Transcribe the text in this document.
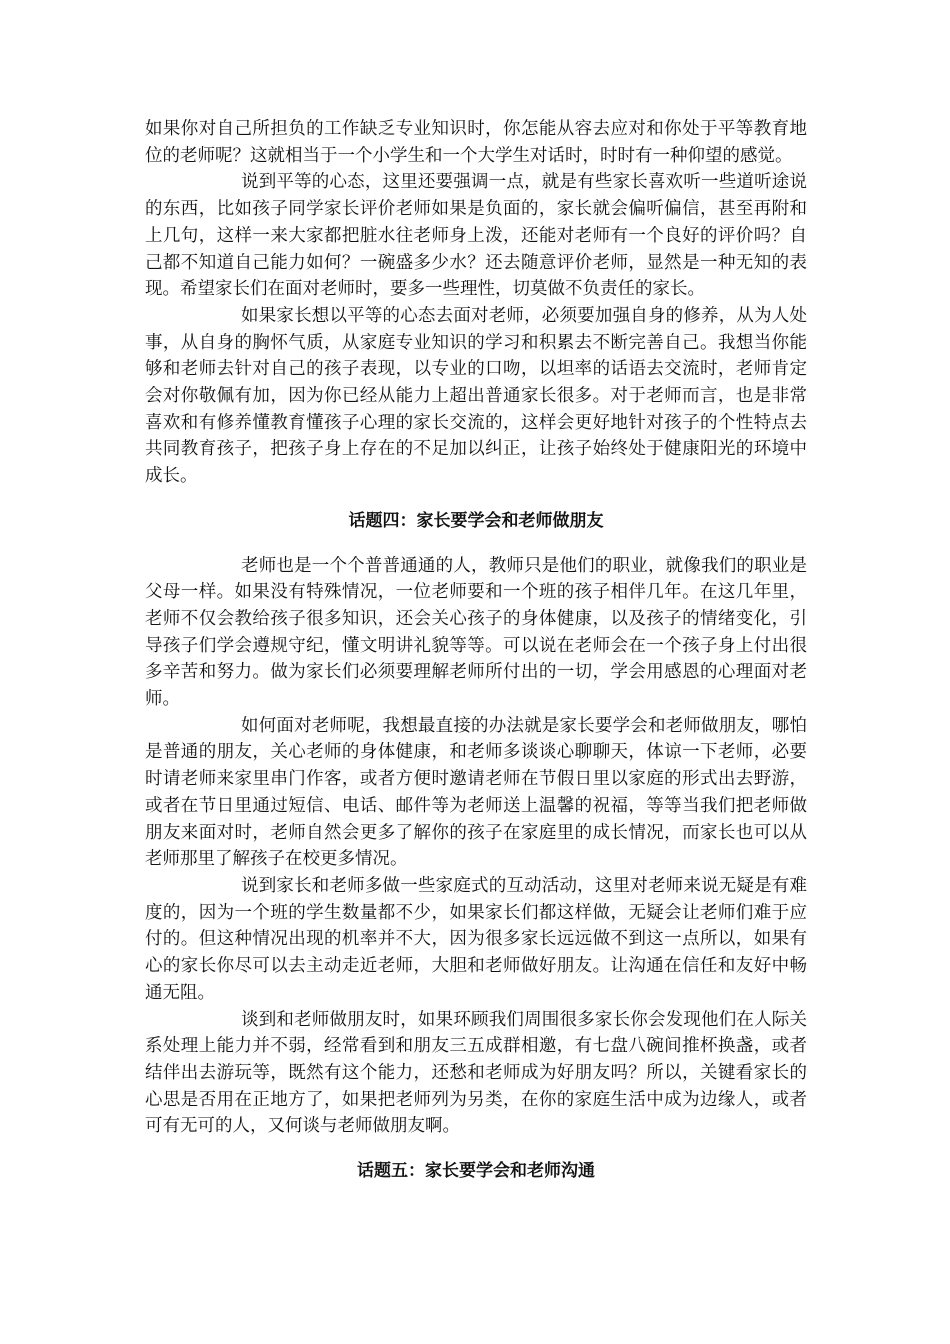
如果你对自己所担负的工作缺乏专业知识时，你怎能从容去应对和你处于平等教育地位的老师呢？这就相当于一个小学生和一个大学生对话时，时时有一种仰望的感觉。

说到平等的心态，这里还要强调一点，就是有些家长喜欢听一些道听途说的东西，比如孩子同学家长评价老师如果是负面的，家长就会偏听偏信，甚至再附和上几句，这样一来大家都把脏水往老师身上泼，还能对老师有一个良好的评价吗？自己都不知道自己能力如何？一碗盛多少水？还去随意评价老师，显然是一种无知的表现。希望家长们在面对老师时，要多一些理性，切莫做不负责任的家长。

如果家长想以平等的心态去面对老师，必须要加强自身的修养，从为人处事，从自身的胸怀气质，从家庭专业知识的学习和积累去不断完善自己。我想当你能够和老师去针对自己的孩子表现，以专业的口吻，以坦率的话语去交流时，老师肯定会对你敬佩有加，因为你已经从能力上超出普通家长很多。对于老师而言，也是非常喜欢和有修养懂教育懂孩子心理的家长交流的，这样会更好地针对孩子的个性特点去共同教育孩子，把孩子身上存在的不足加以纠正，让孩子始终处于健康阳光的环境中成长。

话题四：家长要学会和老师做朋友

老师也是一个个普普通通的人，教师只是他们的职业，就像我们的职业是父母一样。如果没有特殊情况，一位老师要和一个班的孩子相伴几年。在这几年里，老师不仅会教给孩子很多知识，还会关心孩子的身体健康，以及孩子的情绪变化，引导孩子们学会遵规守纪，懂文明讲礼貌等等。可以说在老师会在一个孩子身上付出很多辛苦和努力。做为家长们必须要理解老师所付出的一切，学会用感恩的心理面对老师。

如何面对老师呢，我想最直接的办法就是家长要学会和老师做朋友，哪怕是普通的朋友，关心老师的身体健康，和老师多谈谈心聊聊天，体谅一下老师，必要时请老师来家里串门作客，或者方便时邀请老师在节假日里以家庭的形式出去野游，或者在节日里通过短信、电话、邮件等为老师送上温馨的祝福，等等当我们把老师做朋友来面对时，老师自然会更多了解你的孩子在家庭里的成长情况，而家长也可以从老师那里了解孩子在校更多情况。

说到家长和老师多做一些家庭式的互动活动，这里对老师来说无疑是有难度的，因为一个班的学生数量都不少，如果家长们都这样做，无疑会让老师们难于应付的。但这种情况出现的机率并不大，因为很多家长远远做不到这一点所以，如果有心的家长你尽可以去主动走近老师，大胆和老师做好朋友。让沟通在信任和友好中畅通无阻。

谈到和老师做朋友时，如果环顾我们周围很多家长你会发现他们在人际关系处理上能力并不弱，经常看到和朋友三五成群相邀，有七盘八碗间推杯换盏，或者结伴出去游玩等，既然有这个能力，还愁和老师成为好朋友吗？所以，关键看家长的心思是否用在正地方了，如果把老师列为另类，在你的家庭生活中成为边缘人，或者可有无可的人，又何谈与老师做朋友啊。

话题五：家长要学会和老师沟通
